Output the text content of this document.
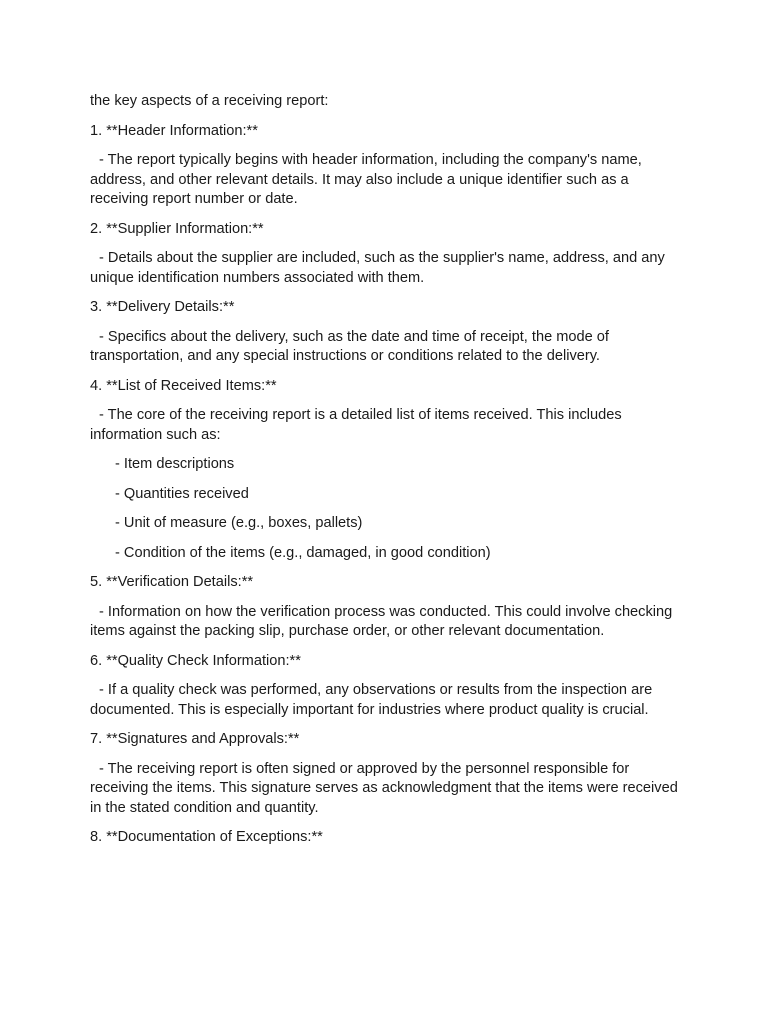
the key aspects of a receiving report:

1. **Header Information:**

- The report typically begins with header information, including the company's name, address, and other relevant details. It may also include a unique identifier such as a receiving report number or date.

2. **Supplier Information:**

- Details about the supplier are included, such as the supplier's name, address, and any unique identification numbers associated with them.

3. **Delivery Details:**

- Specifics about the delivery, such as the date and time of receipt, the mode of transportation, and any special instructions or conditions related to the delivery.

4. **List of Received Items:**

- The core of the receiving report is a detailed list of items received. This includes information such as:

- Item descriptions

- Quantities received

- Unit of measure (e.g., boxes, pallets)

- Condition of the items (e.g., damaged, in good condition)

5. **Verification Details:**

- Information on how the verification process was conducted. This could involve checking items against the packing slip, purchase order, or other relevant documentation.

6. **Quality Check Information:**

- If a quality check was performed, any observations or results from the inspection are documented. This is especially important for industries where product quality is crucial.

7. **Signatures and Approvals:**

- The receiving report is often signed or approved by the personnel responsible for receiving the items. This signature serves as acknowledgment that the items were received in the stated condition and quantity.

8. **Documentation of Exceptions:**
